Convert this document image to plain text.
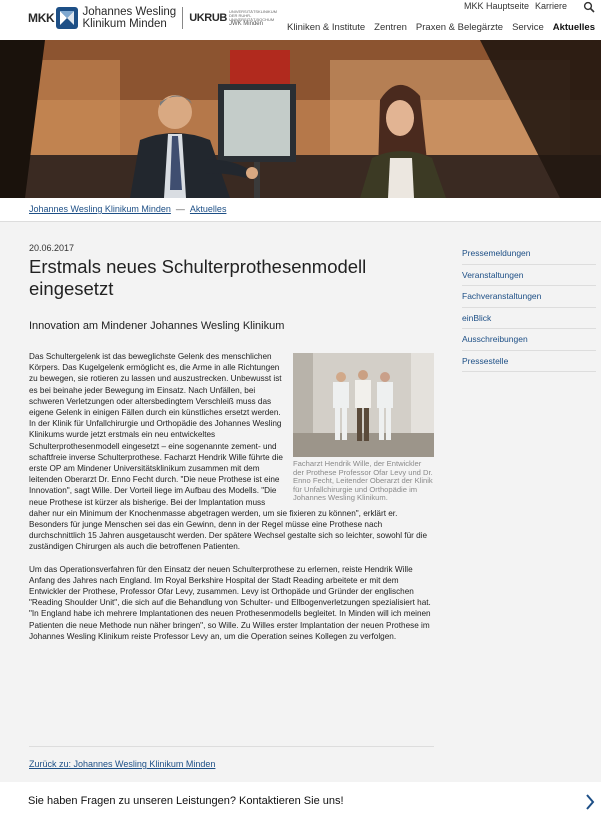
MKK Johannes Wesling
Klinikum Minden	UKRUB
UNIVERSITÄTSKLINIKUM DER RUHR-UNIVERSITÄT BOCHUM JWK Minden
MKK Hauptseite Karriere
Kliniken & Institute Zentren Praxen & Belegärzte Service Aktuelles
Johannes Wesling Klinikum Minden — Aktuelles
20.06.2017
Erstmals neues Schulterprothesenmodell eingesetzt
Innovation am Mindener Johannes Wesling Klinikum
Facharzt Hendrik Wille, der Entwickler der Prothese Professor Ofar Levy und Dr. Enno Fecht, Leitender Oberarzt der Klinik für Unfallchirurgie und Orthopädie im Johannes Wesling Klinikum.

Das Schultergelenk ist das beweglichste Gelenk des menschlichen Körpers. Das Kugelgelenk ermöglicht es, die Arme in alle Richtungen zu bewegen, sie rotieren zu lassen und auszustrecken. Unbewusst ist es bei beinahe jeder Bewegung im Einsatz. Nach Unfällen, bei schweren Verletzungen oder altersbedingtem Verschleiß muss das eigene Gelenk in einigen Fällen durch ein künstliches ersetzt werden. In der Klinik für Unfallchirurgie und Orthopädie des Johannes Wesling Klinikums wurde jetzt erstmals ein neu entwickeltes Schulterprothesenmodell eingesetzt – eine sogenannte zement- und schaftfreie inverse Schulterprothese. Facharzt Hendrik Wille führte die erste OP am Mindener Universitätsklinikum zusammen mit dem leitenden Oberarzt Dr. Enno Fecht durch. "Die neue Prothese ist eine Innovation", sagt Wille. Der Vorteil liege im Aufbau des Modells. "Die neue Prothese ist kürzer als bisherige. Bei der Implantation muss daher nur ein Minimum der Knochenmasse abgetragen werden, um sie fixieren zu können", erklärt er. Besonders für junge Menschen sei das ein Gewinn, denn in der Regel müsse eine Prothese nach durchschnittlich 15 Jahren ausgetauscht werden. Der spätere Wechsel gestalte sich so leichter, sowohl für die zuständigen Chirurgen als auch die betroffenen Patienten.

Um das Operationsverfahren für den Einsatz der neuen Schulterprothese zu erlernen, reiste Hendrik Wille Anfang des Jahres nach England. Im Royal Berkshire Hospital der Stadt Reading arbeitete er mit dem Entwickler der Prothese, Professor Ofar Levy, zusammen. Levy ist Orthopäde und Gründer der englischen "Reading Shoulder Unit", die sich auf die Behandlung von Schulter- und Ellbogenverletzungen spezialisiert hat. "In England habe ich mehrere Implantationen des neuen Prothesenmodells begleitet. In Minden will ich meinen Patienten die neue Methode nun näher bringen", so Wille. Zu Willes erster Implantation der neuen Prothese im Johannes Wesling Klinikum reiste Professor Levy an, um die Operation seines Kollegen zu verfolgen.

Zurück zu: Johannes Wesling Klinikum Minden
Pressemeldungen
Veranstaltungen
Fachveranstaltungen
einBlick
Ausschreibungen
Pressestelle
Sie haben Fragen zu unseren Leistungen? Kontaktieren Sie uns!
